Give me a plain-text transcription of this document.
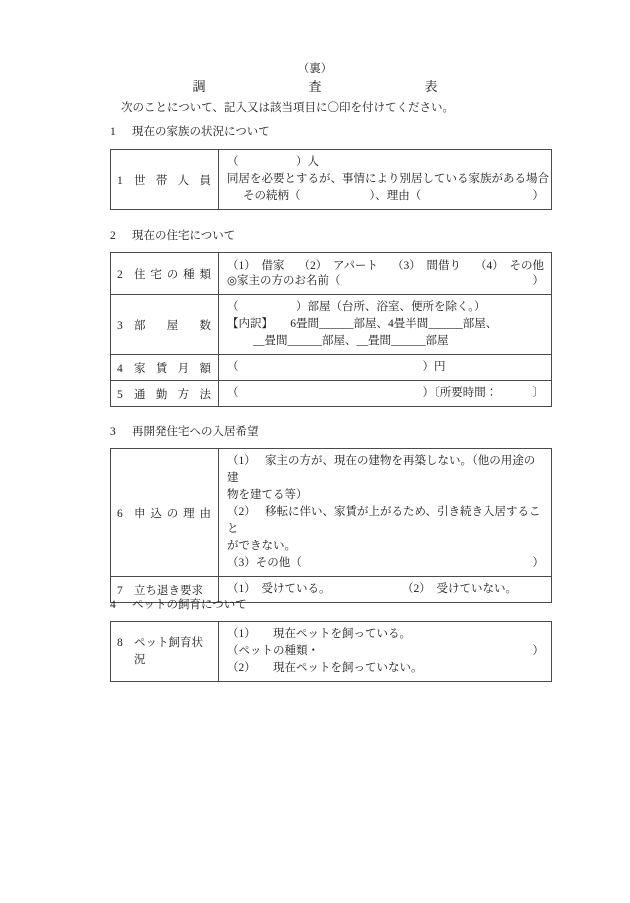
（裏）
調	査	表
次のことについて、記入又は該当項目に〇印を付けてください。
1 現在の家族の状況について
1 世 帯 人 員

（　　　　　）人
同居を必要とするが、事情により別居している家族がある場合
その続柄（　　　　　　）、理由（	）
2 現在の住宅について
2 住 宅 の 種 類

（1）　借家 （2）　アパート （3）　間借り （4）　その他
◎家主の方のお名前（	）

3 部 屋 数

（　　　　　）部屋（台所、浴室、便所を除く。）
【内訳】　　6畳間______部屋、4畳半間______部屋、
__畳間______部屋、__畳間______部屋

4 家 賃 月 額	（　　　　　　　　　　　　　　　　）円

5 通 勤 方 法	（　　　　　　　　　　　　　　　　）〔所要時間： 〕
3 再開発住宅への入居希望
6 申 込 の 理 由

（1） 家主の方が、現在の建物を再築しない。（他の用途の建
物を建てる等）
（2） 移転に伴い、家賃が上がるため、引き続き入居すること
ができない。
（3）その他（	）

7 立ち退き要求	（1）　受けている。 （2）　受けていない。
4 ペットの飼育について
8 ペット飼育状
況

（1）　　現在ペットを飼っている。
（ペットの種類・	）
（2）　　現在ペットを飼っていない。
